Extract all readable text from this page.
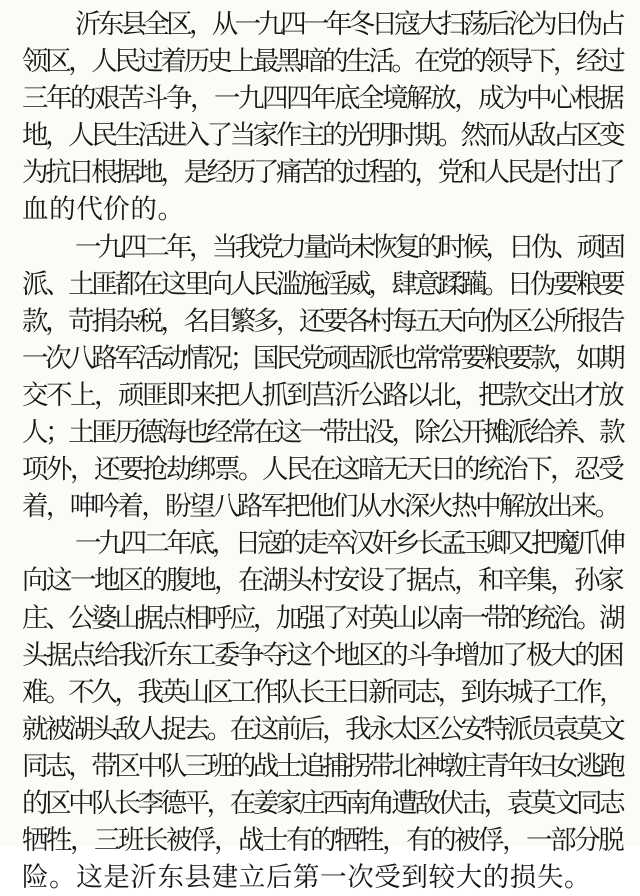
沂东县全区，从一九四一年冬日寇大扫荡后沦为日伪占
领区，人民过着历史上最黑暗的生活。在党的领导下，经过
三年的艰苦斗争，一九四四年底全境解放，成为中心根据
地，人民生活进入了当家作主的光明时期。然而从敌占区变
为抗日根据地，是经历了痛苦的过程的，党和人民是付出了
血的代价的。
一九四二年，当我党力量尚未恢复的时候，日伪、顽固
派、土匪都在这里向人民滥施淫威，肆意蹂躏。日伪要粮要
款，苛捐杂税，名目繁多，还要各村每五天向伪区公所报告
一次八路军活动情况；国民党顽固派也常常要粮要款，如期
交不上，顽匪即来把人抓到莒沂公路以北，把款交出才放
人；土匪历德海也经常在这一带出没，除公开摊派给养、款
项外，还要抢劫绑票。人民在这暗无天日的统治下，忍受
着，呻吟着，盼望八路军把他们从水深火热中解放出来。
一九四二年底，日寇的走卒汉奸乡长孟玉卿又把魔爪伸
向这一地区的腹地，在湖头村安设了据点，和辛集，孙家
庄、公婆山据点相呼应，加强了对英山以南一带的统治。湖
头据点给我沂东工委争夺这个地区的斗争增加了极大的困
难。不久，我英山区工作队长王日新同志，到东城子工作，
就被湖头敌人捉去。在这前后，我永太区公安特派员袁莫文
同志，带区中队三班的战士追捕拐带北神墩庄青年妇女逃跑
的区中队长李德平，在姜家庄西南角遭敌伏击，袁莫文同志
牺牲，三班长被俘，战士有的牺牲，有的被俘，一部分脱
险。这是沂东县建立后第一次受到较大的损失。
